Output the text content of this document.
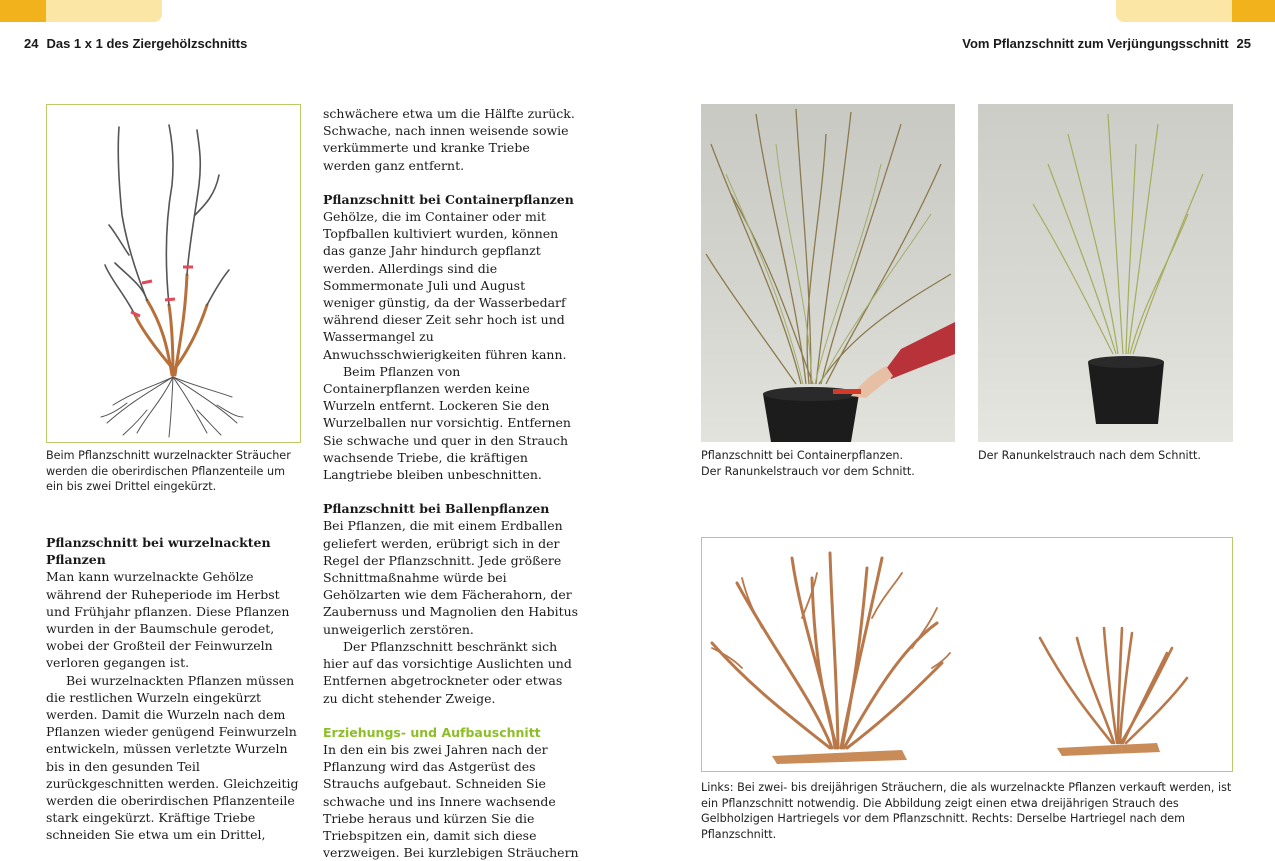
24 Das 1 x 1 des Ziergehölzschnitts	Vom Pflanzschnitt zum Verjüngungsschnitt 25
Beim Pflanzschnitt wurzelnackter Sträucher werden die oberirdischen Pflanzenteile um ein bis zwei Drittel eingekürzt.
Pflanzschnitt bei wurzelnackten Pflanzen

Man kann wurzelnackte Gehölze während der Ruheperiode im Herbst und Frühjahr pflanzen. Diese Pflanzen wurden in der Baumschule gerodet, wobei der Großteil der Feinwurzeln verloren gegangen ist.

Bei wurzelnackten Pflanzen müssen die restlichen Wurzeln eingekürzt werden. Damit die Wurzeln nach dem Pflanzen wieder genügend Feinwurzeln entwickeln, müssen verletzte Wurzeln bis in den gesunden Teil zurückgeschnitten werden. Gleichzeitig werden die oberirdischen Pflanzenteile stark eingekürzt. Kräftige Triebe schneiden Sie etwa um ein Drittel,

schwächere etwa um die Hälfte zurück. Schwache, nach innen weisende sowie verkümmerte und kranke Triebe werden ganz entfernt.

Pflanzschnitt bei Containerpflanzen

Gehölze, die im Container oder mit Topfballen kultiviert wurden, können das ganze Jahr hindurch gepflanzt werden. Allerdings sind die Sommermonate Juli und August weniger günstig, da der Wasserbedarf während dieser Zeit sehr hoch ist und Wassermangel zu Anwuchsschwierigkeiten führen kann.

Beim Pflanzen von Containerpflanzen werden keine Wurzeln entfernt. Lockeren Sie den Wurzelballen nur vorsichtig. Entfernen Sie schwache und quer in den Strauch wachsende Triebe, die kräftigen Langtriebe bleiben unbeschnitten.

Pflanzschnitt bei Ballenpflanzen

Bei Pflanzen, die mit einem Erdballen geliefert werden, erübrigt sich in der Regel der Pflanzschnitt. Jede größere Schnittmaßnahme würde bei Gehölzarten wie dem Fächerahorn, der Zaubernuss und Magnolien den Habitus unweigerlich zerstören.

Der Pflanzschnitt beschränkt sich hier auf das vorsichtige Auslichten und Entfernen abgetrockneter oder etwas zu dicht stehender Zweige.

Erziehungs- und Aufbauschnitt

In den ein bis zwei Jahren nach der Pflanzung wird das Astgerüst des Strauchs aufgebaut. Schneiden Sie schwache und ins Innere wachsende Triebe heraus und kürzen Sie die Triebspitzen ein, damit sich diese verzweigen. Bei kurzlebigen Sträuchern

Pflanzschnitt bei Containerpflanzen.
Der Ranunkelstrauch vor dem Schnitt.
Der Ranunkelstrauch nach dem Schnitt.
Links: Bei zwei- bis dreijährigen Sträuchern, die als wurzelnackte Pflanzen verkauft werden, ist ein Pflanzschnitt notwendig. Die Abbildung zeigt einen etwa dreijährigen Strauch des Gelbholzigen Hartriegels vor dem Pflanzschnitt. Rechts: Derselbe Hartriegel nach dem Pflanzschnitt.
